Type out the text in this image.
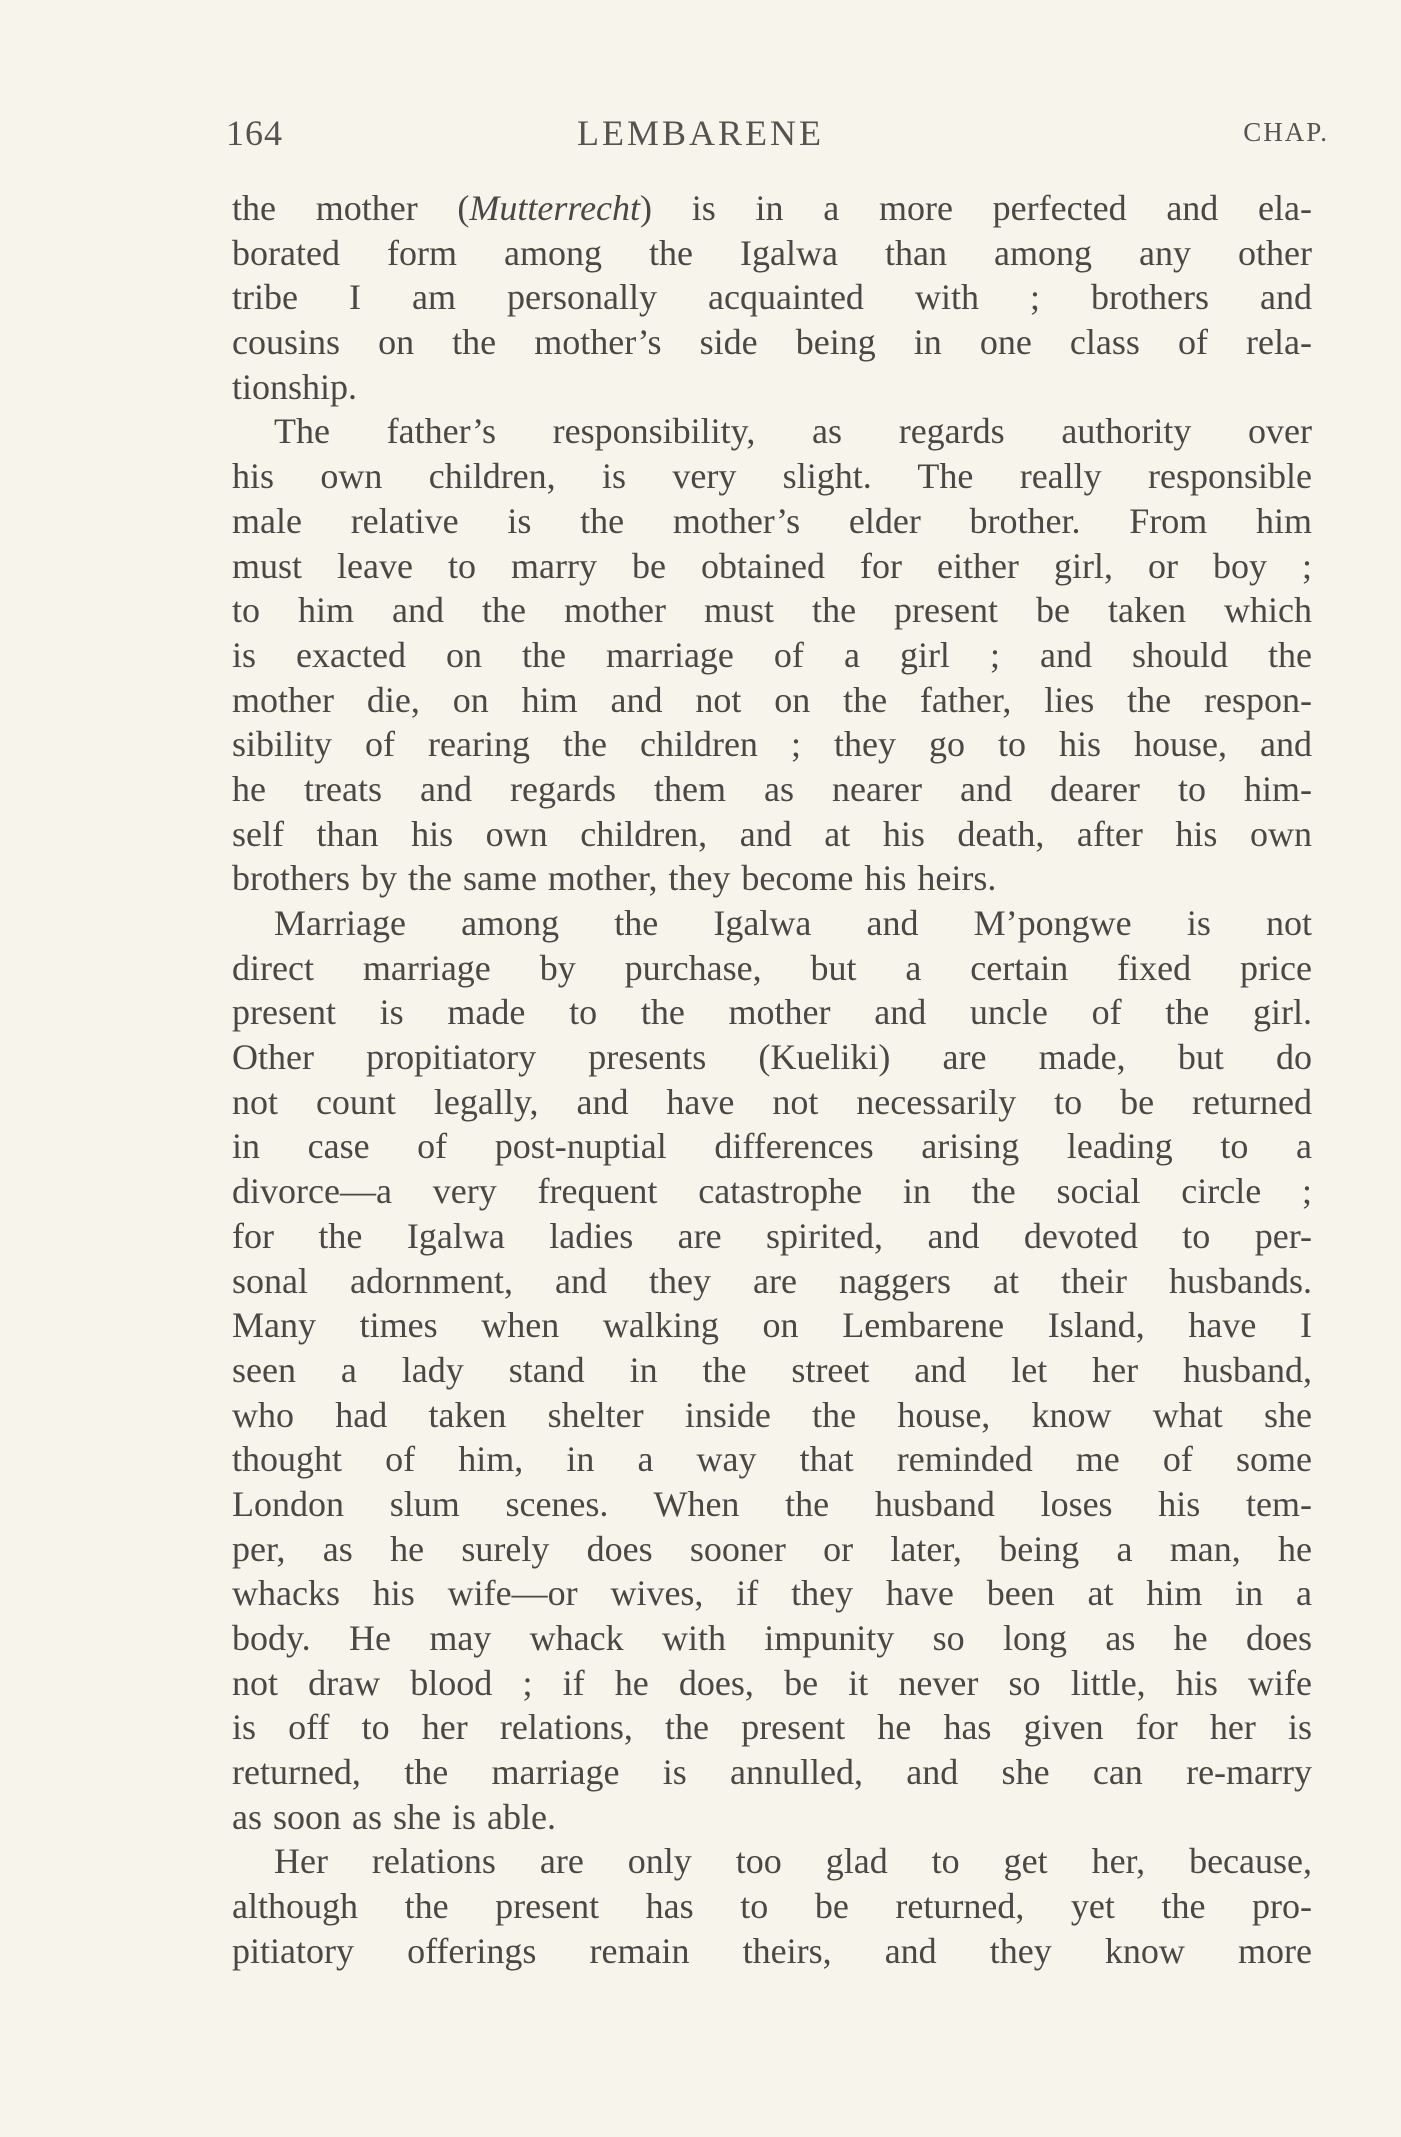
164	LEMBARENE	CHAP.
the mother (Mutterrecht) is in a more perfected and ela-
borated form among the Igalwa than among any other
tribe I am personally acquainted with ; brothers and
cousins on the mother’s side being in one class of rela-
tionship.
The father’s responsibility, as regards authority over
his own children, is very slight. The really responsible
male relative is the mother’s elder brother. From him
must leave to marry be obtained for either girl, or boy ;
to him and the mother must the present be taken which
is exacted on the marriage of a girl ; and should the
mother die, on him and not on the father, lies the respon-
sibility of rearing the children ; they go to his house, and
he treats and regards them as nearer and dearer to him-
self than his own children, and at his death, after his own
brothers by the same mother, they become his heirs.
Marriage among the Igalwa and M’pongwe is not
direct marriage by purchase, but a certain fixed price
present is made to the mother and uncle of the girl.
Other propitiatory presents (Kueliki) are made, but do
not count legally, and have not necessarily to be returned
in case of post-nuptial differences arising leading to a
divorce—a very frequent catastrophe in the social circle ;
for the Igalwa ladies are spirited, and devoted to per-
sonal adornment, and they are naggers at their husbands.
Many times when walking on Lembarene Island, have I
seen a lady stand in the street and let her husband,
who had taken shelter inside the house, know what she
thought of him, in a way that reminded me of some
London slum scenes. When the husband loses his tem-
per, as he surely does sooner or later, being a man, he
whacks his wife—or wives, if they have been at him in a
body. He may whack with impunity so long as he does
not draw blood ; if he does, be it never so little, his wife
is off to her relations, the present he has given for her is
returned, the marriage is annulled, and she can re-marry
as soon as she is able.
Her relations are only too glad to get her, because,
although the present has to be returned, yet the pro-
pitiatory offerings remain theirs, and they know more
